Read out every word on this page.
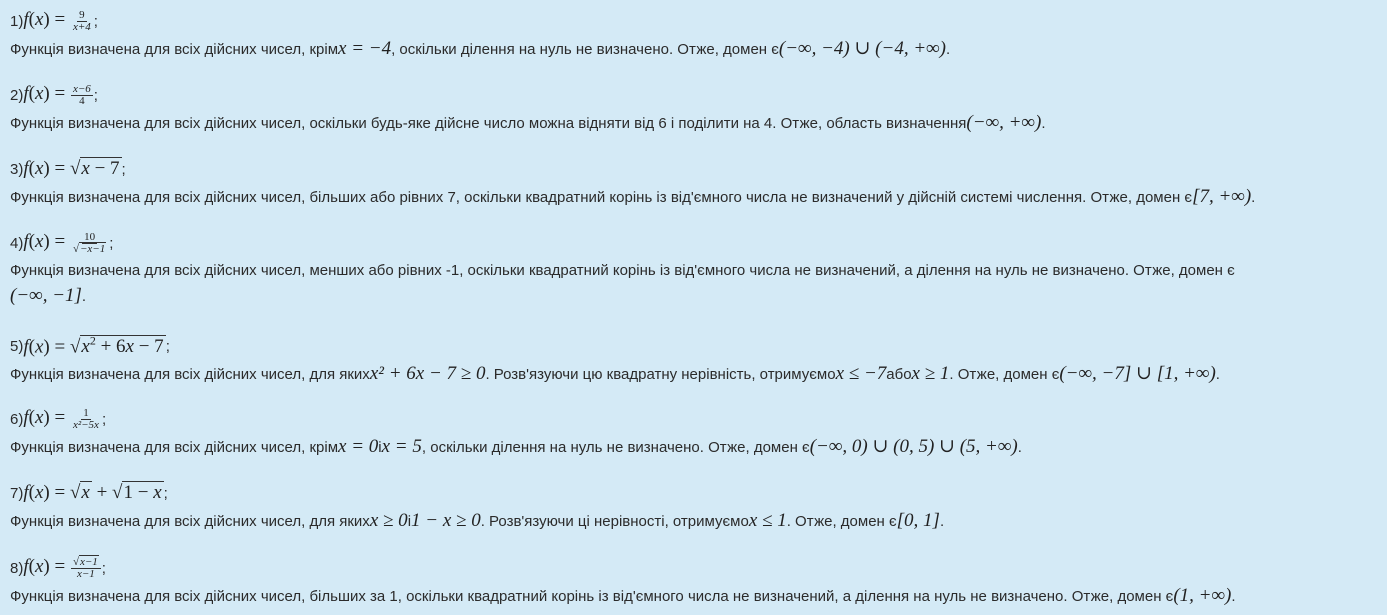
1) $f(x) = \frac{9}{x+4}$ ;
Функція визначена для всіх дійсних чисел, крімx = −4, оскільки ділення на нуль не визначено. Отже, домен є(−∞, −4) ∪ (−4, +∞).
2) $f(x) = \frac{x-6}{4}$ ;
Функція визначена для всіх дійсних чисел, оскільки будь-яке дійсне число можна відняти від 6 і поділити на 4. Отже, область визначення(−∞, +∞).
3) f(x) = √x − 7 ;
Функція визначена для всіх дійсних чисел, більших або рівних 7, оскільки квадратний корінь із від'ємного числа не визначений у дійсній системі числення. Отже, домен є[7, +∞).
4) $f(x) = \frac{10}{√-x-1}$ ;
Функція визначена для всіх дійсних чисел, менших або рівних -1, оскільки квадратний корінь із від'ємного числа не визначений, а ділення на нуль не визначено. Отже, домен є
(−∞, −1].
5) $f(x) = √x^2 + 6x - 7$ ;
Функція визначена для всіх дійсних чисел, для якихx² + 6x − 7 ≥ 0. Розв'язуючи цю квадратну нерівність, отримуємоx ≤ −7абоx ≥ 1. Отже, домен є(−∞, −7] ∪ [1, +∞).
6) $f(x) = \frac{1}{\text{x²−5x}}$ ;
Функція визначена для всіх дійсних чисел, крімx = 0іx = 5, оскільки ділення на нуль не визначено. Отже, домен є(−∞, 0) ∪ (0, 5) ∪ (5, +∞).
7) f(x) = √x + √1 − x ;
Функція визначена для всіх дійсних чисел, для якихx ≥ 0і1 − x ≥ 0. Розв'язуючи ці нерівності, отримуємоx ≤ 1. Отже, домен є[0, 1].
8) $f(x) = \frac{√x-1}{x-1}$ ;
Функція визначена для всіх дійсних чисел, більших за 1, оскільки квадратний корінь із від'ємного числа не визначений, а ділення на нуль не визначено. Отже, домен є(1, +∞).
